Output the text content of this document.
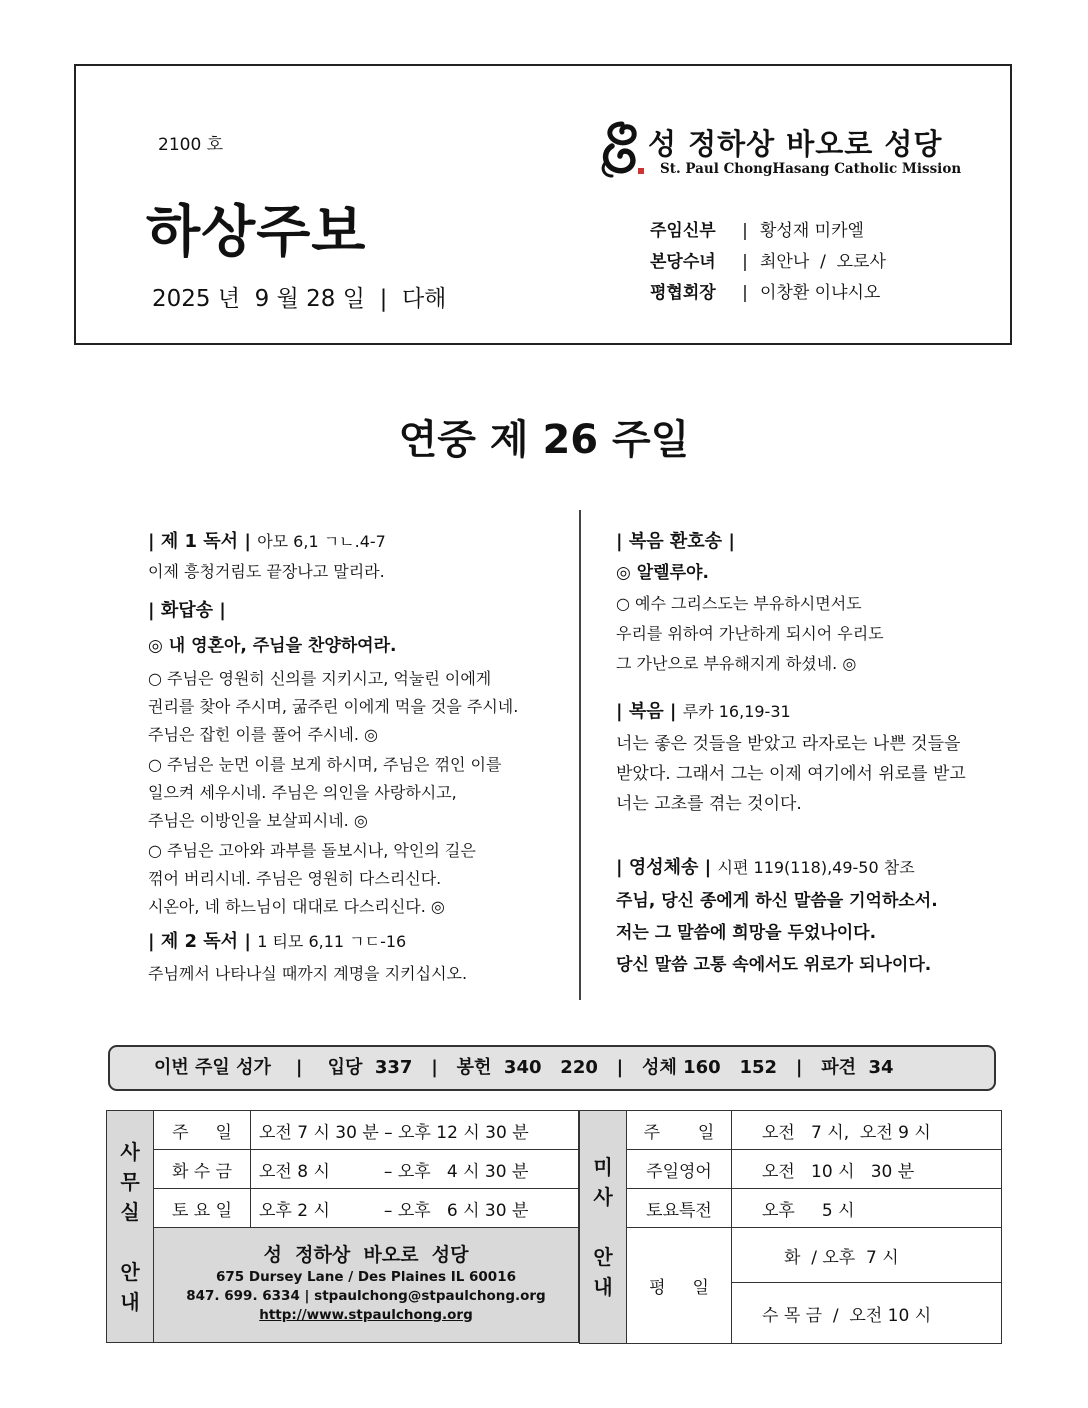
2100 호
하상주보
2025 년  9 월 28 일  |  다해
성 정하상 바오로 성당
St. Paul ChongHasang Catholic Mission
주임신부 | 황성재 미카엘
본당수녀 | 최안나  /  오로사
평협회장 | 이창환 이냐시오
연중 제 26 주일
| 제 1 독서 | 아모 6,1 ㄱㄴ.4-7
이제 흥청거림도 끝장나고 말리라.
| 화답송 |
◎ 내 영혼아, 주님을 찬양하여라.
○ 주님은 영원히 신의를 지키시고, 억눌린 이에게
권리를 찾아 주시며, 굶주린 이에게 먹을 것을 주시네.
주님은 잡힌 이를 풀어 주시네. ◎
○ 주님은 눈먼 이를 보게 하시며, 주님은 꺾인 이를
일으켜 세우시네. 주님은 의인을 사랑하시고,
주님은 이방인을 보살피시네. ◎
○ 주님은 고아와 과부를 돌보시나, 악인의 길은
꺾어 버리시네. 주님은 영원히 다스리신다.
시온아, 네 하느님이 대대로 다스리신다. ◎
| 제 2 독서 | 1 티모 6,11 ㄱㄷ-16
주님께서 나타나실 때까지 계명을 지키십시오.
| 복음 환호송 |
◎ 알렐루야.
○ 예수 그리스도는 부유하시면서도
우리를 위하여 가난하게 되시어 우리도
그 가난으로 부유해지게 하셨네. ◎
| 복음 | 루카 16,19-31
너는 좋은 것들을 받았고 라자로는 나쁜 것들을
받았다. 그래서 그는 이제 여기에서 위로를 받고
너는 고초를 겪는 것이다.
| 영성체송 | 시편 119(118),49-50 참조
주님, 당신 종에게 하신 말씀을 기억하소서.
저는 그 말씀에 희망을 두었나이다.
당신 말씀 고통 속에서도 위로가 되나이다.
이번 주일 성가    |    입당  337   |   봉헌  340   220   |   성체 160   152   |   파견  34
사
무
실

안
내	주     일	오전 7 시 30 분 – 오후 12 시 30 분
	화 수 금	오전 8 시          – 오후   4 시 30 분
	토 요 일	오후 2 시          – 오후   6 시 30 분

	성  정하상  바오로  성당
675 Dursey Lane / Des Plaines IL 60016
847. 699. 6334 | stpaulchong@stpaulchong.org
http://www.stpaulchong.org	
미
사

안
내	주       일	오전   7 시,  오전 9 시
	주일영어	오전   10 시   30 분
	토요특전	오후     5 시
	평     일	화  / 오후  7 시
		수 목 금  /  오전 10 시
